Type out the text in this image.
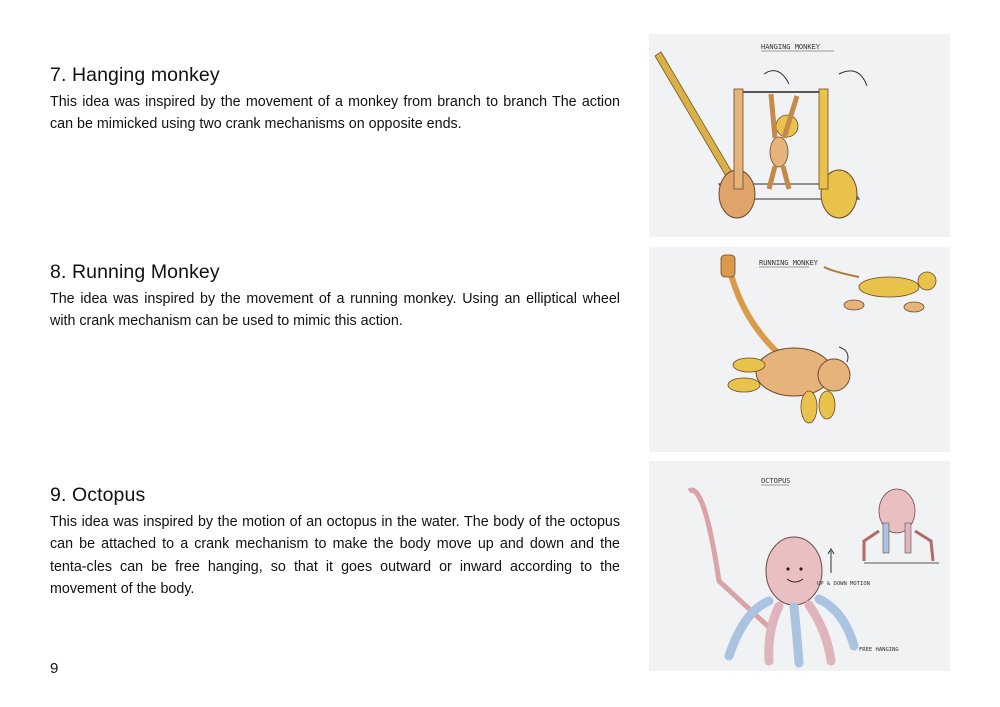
7. Hanging monkey

This idea was inspired by the movement of a monkey from branch to branch The action can be mimicked using two crank mechanisms on opposite ends.

8. Running Monkey

The idea was inspired by the movement of a running monkey. Using an elliptical wheel with crank mechanism can be used to mimic this action.

9. Octopus

This idea was inspired by the motion of an octopus in the water. The body of the octopus can be attached to a crank mechanism to make the body move up and down and the tenta-cles can be free hanging, so that it goes outward or inward according to the movement of the body.

9
HANGING MONKEY
RUNNING MONKEY
OCTOPUS
UP & DOWN MOTION
FREE HANGING
